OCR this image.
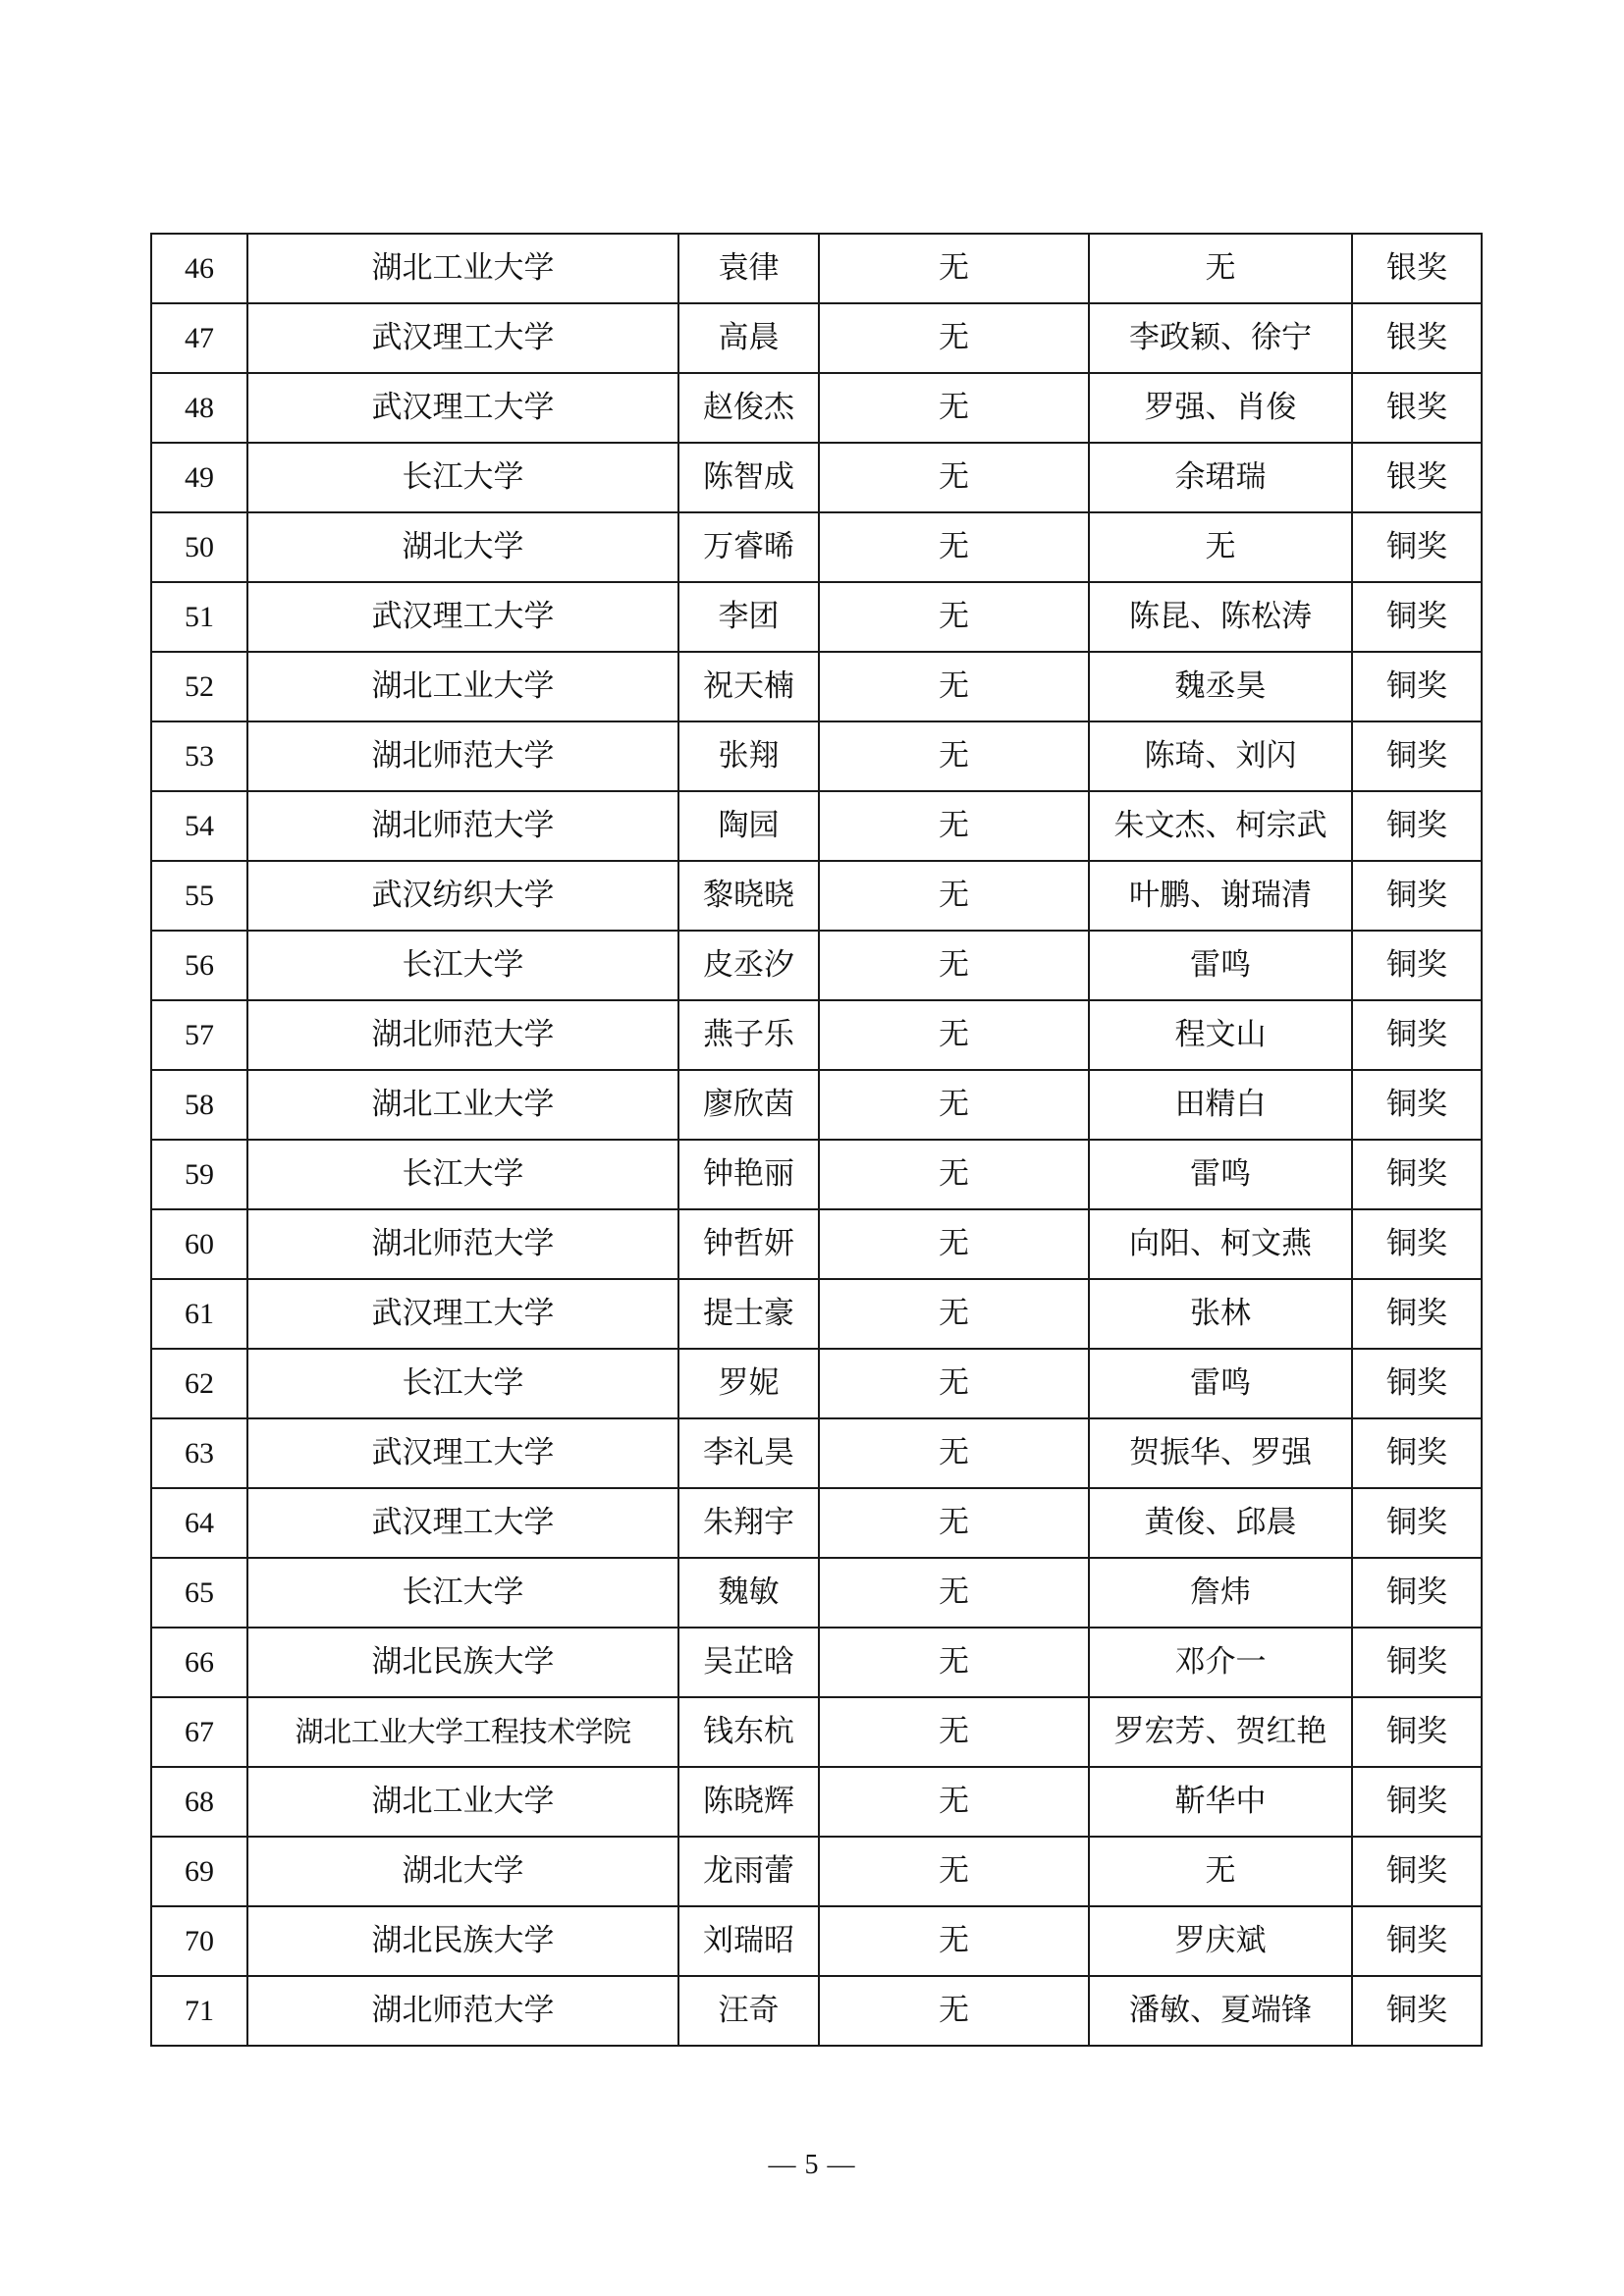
46	湖北工业大学	袁律	无	无	银奖
47	武汉理工大学	高晨	无	李政颖、徐宁	银奖
48	武汉理工大学	赵俊杰	无	罗强、肖俊	银奖
49	长江大学	陈智成	无	余珺瑞	银奖
50	湖北大学	万睿晞	无	无	铜奖
51	武汉理工大学	李团	无	陈昆、陈松涛	铜奖
52	湖北工业大学	祝天楠	无	魏丞昊	铜奖
53	湖北师范大学	张翔	无	陈琦、刘闪	铜奖
54	湖北师范大学	陶园	无	朱文杰、柯宗武	铜奖
55	武汉纺织大学	黎晓晓	无	叶鹏、谢瑞清	铜奖
56	长江大学	皮丞汐	无	雷鸣	铜奖
57	湖北师范大学	燕子乐	无	程文山	铜奖
58	湖北工业大学	廖欣茵	无	田精白	铜奖
59	长江大学	钟艳丽	无	雷鸣	铜奖
60	湖北师范大学	钟哲妍	无	向阳、柯文燕	铜奖
61	武汉理工大学	提士豪	无	张林	铜奖
62	长江大学	罗妮	无	雷鸣	铜奖
63	武汉理工大学	李礼昊	无	贺振华、罗强	铜奖
64	武汉理工大学	朱翔宇	无	黄俊、邱晨	铜奖
65	长江大学	魏敏	无	詹炜	铜奖
66	湖北民族大学	吴芷晗	无	邓介一	铜奖
67	湖北工业大学工程技术学院	钱东杭	无	罗宏芳、贺红艳	铜奖
68	湖北工业大学	陈晓辉	无	靳华中	铜奖
69	湖北大学	龙雨蕾	无	无	铜奖
70	湖北民族大学	刘瑞昭	无	罗庆斌	铜奖
71	湖北师范大学	汪奇	无	潘敏、夏端锋	铜奖
— 5 —
